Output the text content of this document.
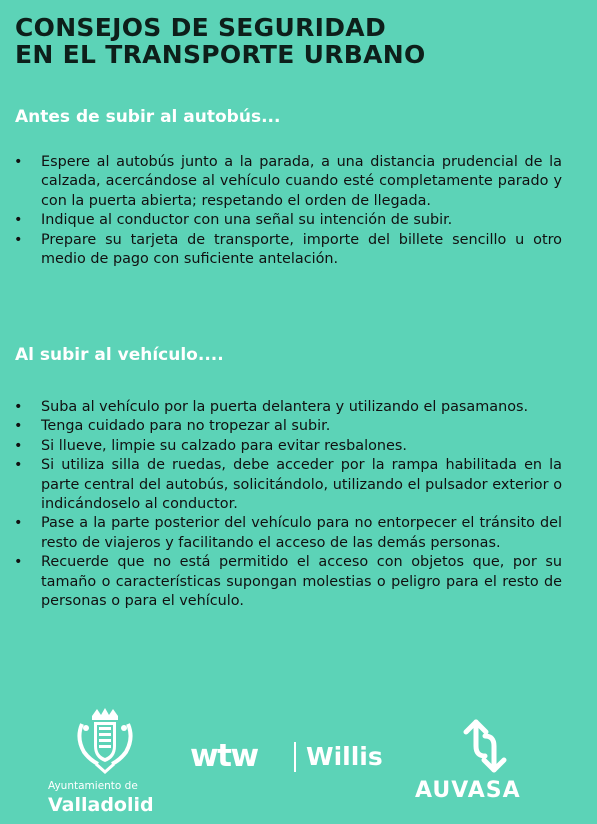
CONSEJOS DE SEGURIDAD
EN EL TRANSPORTE URBANO
Antes de subir al autobús...
•	Espere al autobús junto a la parada, a una distancia prudencial de la calzada, acercándose al vehículo cuando esté completamente parado y con la puerta abierta; respetando el orden de llegada.
•	Indique al conductor con una señal su intención de subir.
•	Prepare su tarjeta de transporte, importe del billete sencillo u otro medio de pago con suficiente antelación.
Al subir al vehículo....
•	Suba al vehículo por la puerta delantera y utilizando el pasamanos.
•	Tenga cuidado para no tropezar al subir.
•	Si llueve, limpie su calzado para evitar resbalones.
•	Si utiliza silla de ruedas, debe acceder por la rampa habilitada en la parte central del autobús, solicitándolo, utilizando el pulsador exterior o indicándoselo al conductor.
•	Pase a la parte posterior del vehículo para no entorpecer el tránsito del resto de viajeros y facilitando el acceso de las demás personas.
•	Recuerde que no está permitido el acceso con objetos que, por su tamaño o características supongan molestias o peligro para el resto de personas o para el vehículo.
Ayuntamiento de
Valladolid
wtw Willis
AUVASA
